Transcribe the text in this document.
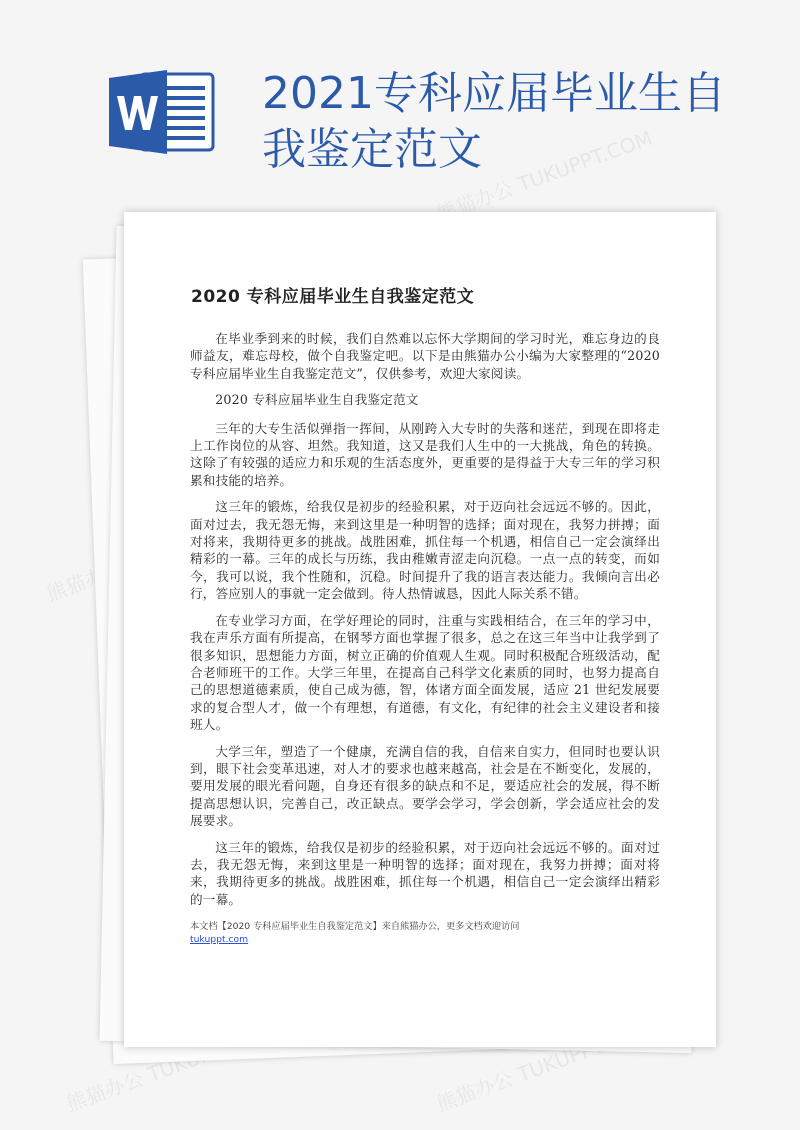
2021专科应届毕业生自我鉴定范文
熊猫办公 TUKUPPT.COM
熊猫办公
熊猫办公 TUKUPPT.COM	熊猫办公 TUKUPPT.COM
2020 专科应届毕业生自我鉴定范文

在毕业季到来的时候，我们自然难以忘怀大学期间的学习时光，难忘身边的良师益友，难忘母校，做个自我鉴定吧。以下是由熊猫办公小编为大家整理的“2020 专科应届毕业生自我鉴定范文”，仅供参考，欢迎大家阅读。

2020 专科应届毕业生自我鉴定范文

三年的大专生活似弹指一挥间，从刚跨入大专时的失落和迷茫，到现在即将走上工作岗位的从容、坦然。我知道，这又是我们人生中的一大挑战，角色的转换。这除了有较强的适应力和乐观的生活态度外，更重要的是得益于大专三年的学习积累和技能的培养。

这三年的锻炼，给我仅是初步的经验积累，对于迈向社会远远不够的。因此，面对过去，我无怨无悔，来到这里是一种明智的选择；面对现在，我努力拼搏；面对将来，我期待更多的挑战。战胜困难，抓住每一个机遇，相信自己一定会演绎出精彩的一幕。三年的成长与历练，我由稚嫩青涩走向沉稳。一点一点的转变，而如今，我可以说，我个性随和，沉稳。时间提升了我的语言表达能力。我倾向言出必行，答应别人的事就一定会做到。待人热情诚恳，因此人际关系不错。

在专业学习方面，在学好理论的同时，注重与实践相结合，在三年的学习中，我在声乐方面有所提高，在钢琴方面也掌握了很多，总之在这三年当中让我学到了很多知识，思想能力方面，树立正确的价值观人生观。同时积极配合班级活动，配合老师班干的工作。大学三年里，在提高自己科学文化素质的同时，也努力提高自己的思想道德素质，使自己成为德，智，体诸方面全面发展，适应 21 世纪发展要求的复合型人才，做一个有理想，有道德，有文化，有纪律的社会主义建设者和接班人。

大学三年，塑造了一个健康，充满自信的我，自信来自实力，但同时也要认识到，眼下社会变革迅速，对人才的要求也越来越高，社会是在不断变化，发展的，要用发展的眼光看问题，自身还有很多的缺点和不足，要适应社会的发展，得不断提高思想认识，完善自己，改正缺点。要学会学习，学会创新，学会适应社会的发展要求。

这三年的锻炼，给我仅是初步的经验积累，对于迈向社会远远不够的。面对过去，我无怨无悔，来到这里是一种明智的选择；面对现在，我努力拼搏；面对将来，我期待更多的挑战。战胜困难，抓住每一个机遇，相信自己一定会演绎出精彩的一幕。

本文档【2020 专科应届毕业生自我鉴定范文】来自熊猫办公，更多文档欢迎访问
tukuppt.com
